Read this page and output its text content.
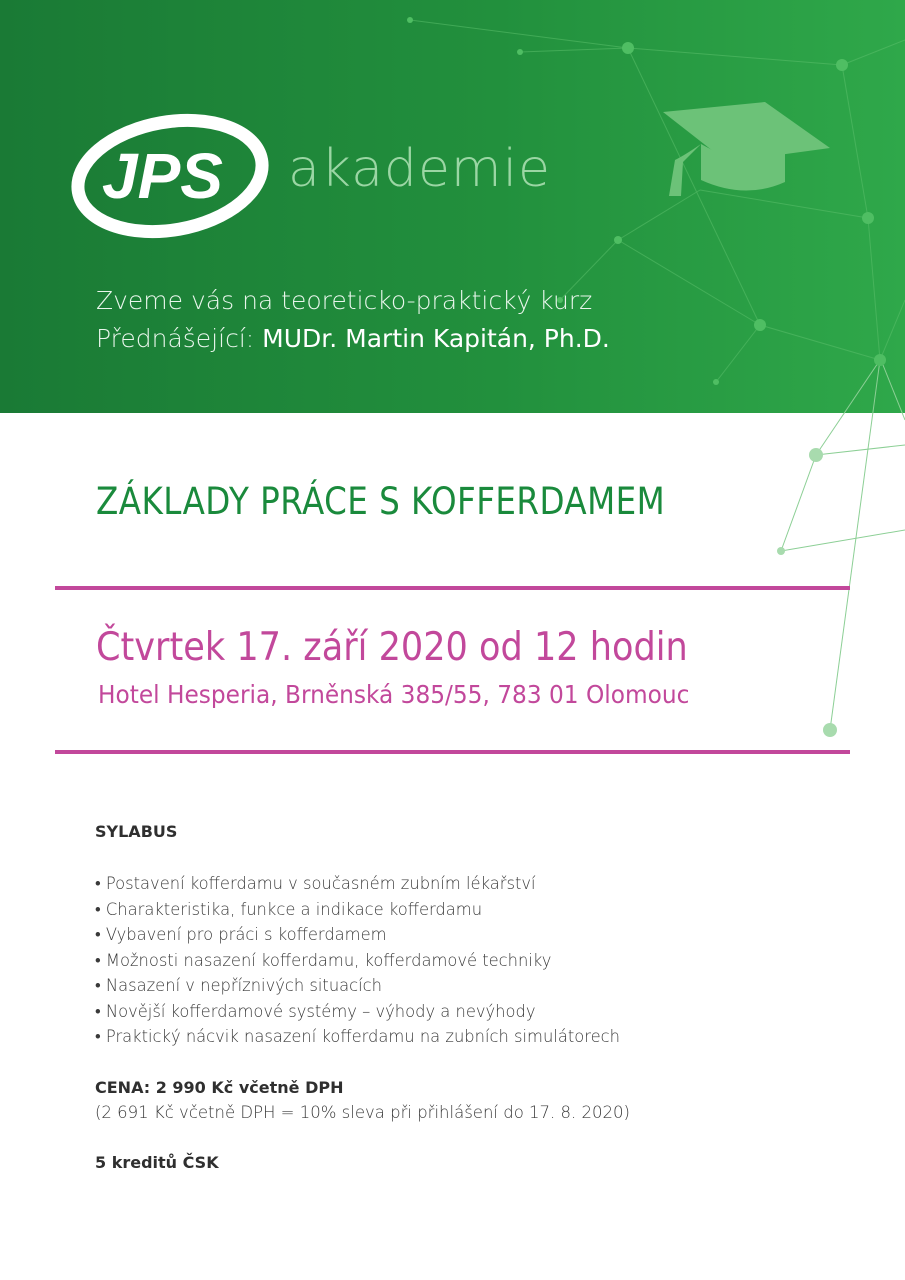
JPS akademie
Zveme vás na teoreticko-praktický kurz
Přednášející: MUDr. Martin Kapitán, Ph.D.
ZÁKLADY PRÁCE S KOFFERDAMEM
Čtvrtek 17. září 2020 od 12 hodin
Hotel Hesperia, Brněnská 385/55, 783 01 Olomouc
SYLABUS
• Postavení kofferdamu v současném zubním lékařství
• Charakteristika, funkce a indikace kofferdamu
• Vybavení pro práci s kofferdamem
• Možnosti nasazení kofferdamu, kofferdamové techniky
• Nasazení v nepříznivých situacích
• Novější kofferdamové systémy – výhody a nevýhody
• Praktický nácvik nasazení kofferdamu na zubních simulátorech
CENA: 2 990 Kč včetně DPH
(2 691 Kč včetně DPH = 10% sleva při přihlášení do 17. 8. 2020)
5 kreditů ČSK
